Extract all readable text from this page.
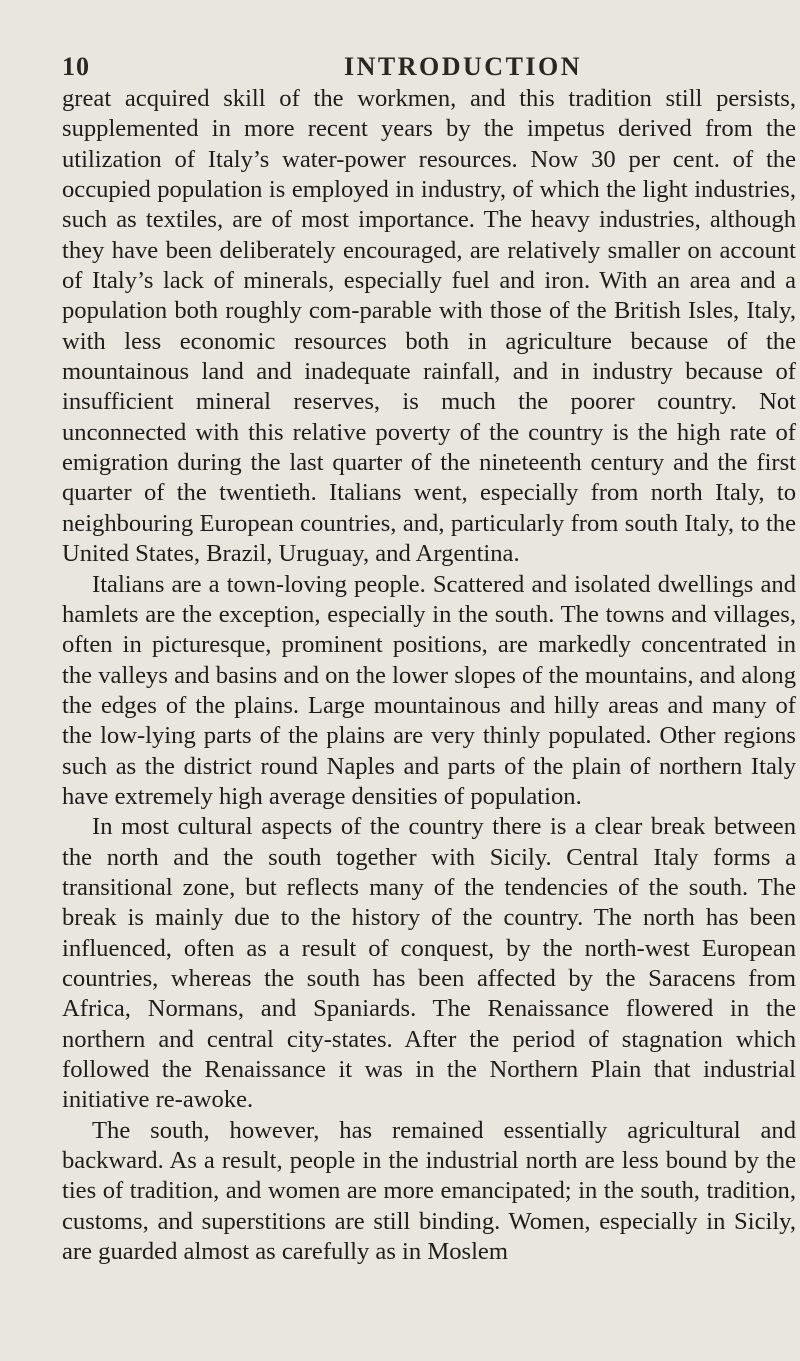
10	INTRODUCTION

great acquired skill of the workmen, and this tradition still persists, supplemented in more recent years by the impetus derived from the utilization of Italy’s water-power resources. Now 30 per cent. of the occupied population is employed in industry, of which the light industries, such as textiles, are of most importance. The heavy industries, although they have been deliberately encouraged, are relatively smaller on account of Italy’s lack of minerals, especially fuel and iron. With an area and a population both roughly com-parable with those of the British Isles, Italy, with less economic resources both in agriculture because of the mountainous land and inadequate rainfall, and in industry because of insufficient mineral reserves, is much the poorer country. Not unconnected with this relative poverty of the country is the high rate of emigration during the last quarter of the nineteenth century and the first quarter of the twentieth. Italians went, especially from north Italy, to neighbouring European countries, and, particularly from south Italy, to the United States, Brazil, Uruguay, and Argentina.

Italians are a town-loving people. Scattered and isolated dwellings and hamlets are the exception, especially in the south. The towns and villages, often in picturesque, prominent positions, are markedly concentrated in the valleys and basins and on the lower slopes of the mountains, and along the edges of the plains. Large mountainous and hilly areas and many of the low-lying parts of the plains are very thinly populated. Other regions such as the district round Naples and parts of the plain of northern Italy have extremely high average densities of population.

In most cultural aspects of the country there is a clear break between the north and the south together with Sicily. Central Italy forms a transitional zone, but reflects many of the tendencies of the south. The break is mainly due to the history of the country. The north has been influenced, often as a result of conquest, by the north-west European countries, whereas the south has been affected by the Saracens from Africa, Normans, and Spaniards. The Renaissance flowered in the northern and central city-states. After the period of stagnation which followed the Renaissance it was in the Northern Plain that industrial initiative re-awoke.

The south, however, has remained essentially agricultural and backward. As a result, people in the industrial north are less bound by the ties of tradition, and women are more emancipated; in the south, tradition, customs, and superstitions are still binding. Women, especially in Sicily, are guarded almost as carefully as in Moslem
